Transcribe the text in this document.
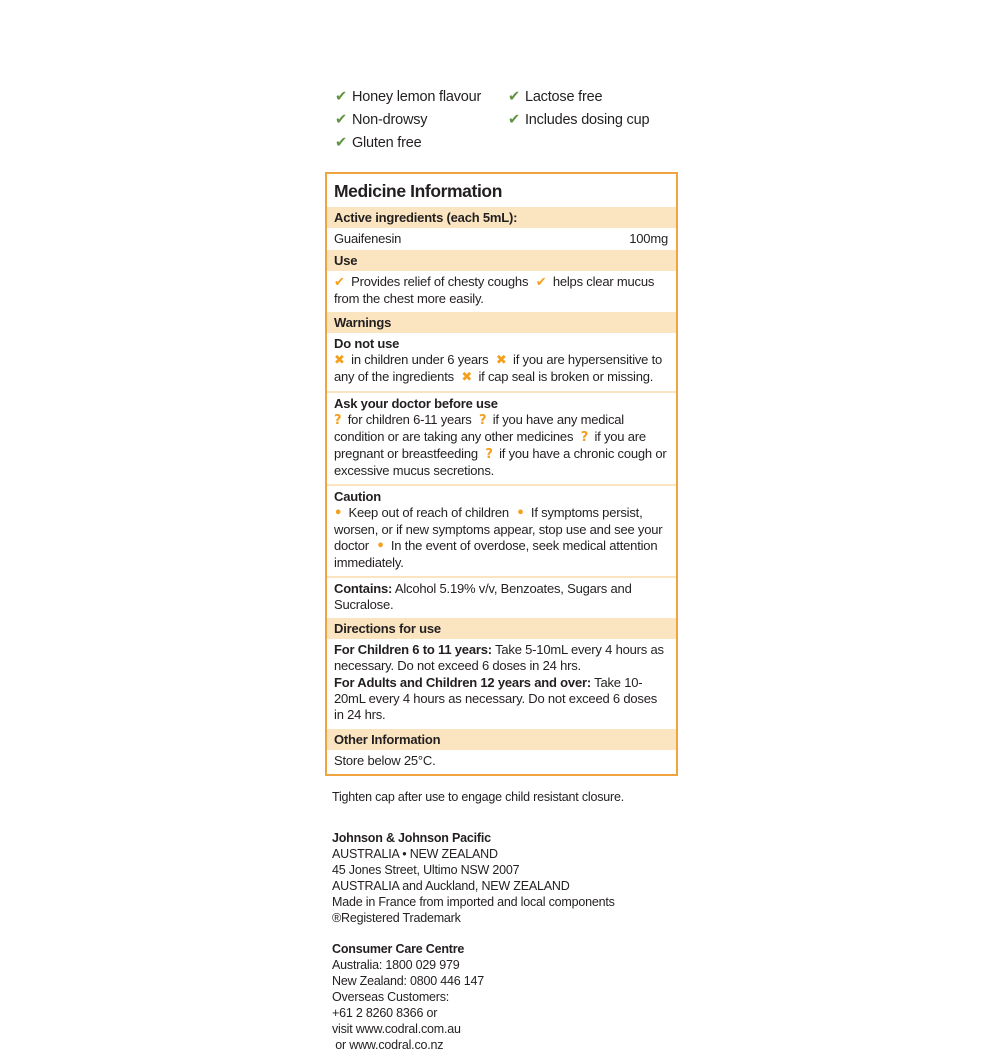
✔ Honey lemon flavour	✔ Lactose free
✔ Non-drowsy	✔ Includes dosing cup
✔ Gluten free
Medicine Information
Active ingredients (each 5mL):
Guaifenesin	100mg
Use
✔ Provides relief of chesty coughs ✔ helps clear mucus from the chest more easily.
Warnings
Do not use
✖ in children under 6 years ✖ if you are hypersensitive to any of the ingredients ✖ if cap seal is broken or missing.
Ask your doctor before use
? for children 6-11 years ? if you have any medical condition or are taking any other medicines ? if you are pregnant or breastfeeding ? if you have a chronic cough or excessive mucus secretions.
Caution
• Keep out of reach of children • If symptoms persist, worsen, or if new symptoms appear, stop use and see your doctor • In the event of overdose, seek medical attention immediately.
Contains: Alcohol 5.19% v/v, Benzoates, Sugars and Sucralose.
Directions for use
For Children 6 to 11 years: Take 5-10mL every 4 hours as necessary. Do not exceed 6 doses in 24 hrs.
For Adults and Children 12 years and over: Take 10-20mL every 4 hours as necessary. Do not exceed 6 doses in 24 hrs.
Other Information
Store below 25°C.
Tighten cap after use to engage child resistant closure.
Johnson & Johnson Pacific
AUSTRALIA • NEW ZEALAND
45 Jones Street, Ultimo NSW 2007
AUSTRALIA and Auckland, NEW ZEALAND
Made in France from imported and local components
®Registered Trademark
Consumer Care Centre
Australia: 1800 029 979
New Zealand: 0800 446 147
Overseas Customers:
+61 2 8260 8366 or
visit www.codral.com.au
or www.codral.co.nz
